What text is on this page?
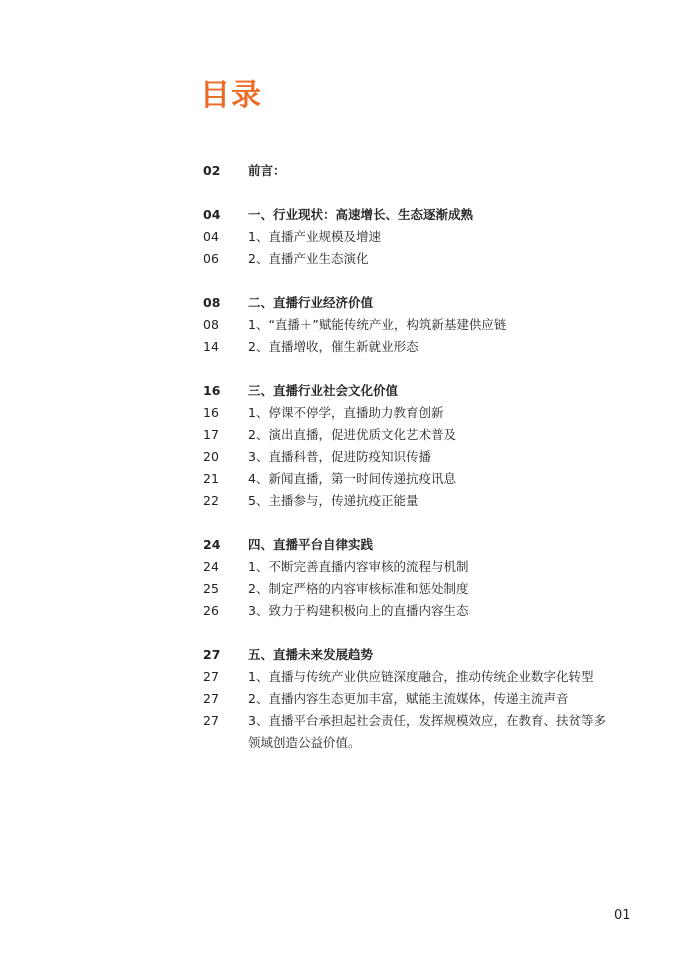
目录
02	前言：
04	一、行业现状：高速增长、生态逐渐成熟
04	1、直播产业规模及增速
06	2、直播产业生态演化
08	二、直播行业经济价值
08	1、“直播＋”赋能传统产业，构筑新基建供应链
14	2、直播增收，催生新就业形态
16	三、直播行业社会文化价值
16	1、停课不停学，直播助力教育创新
17	2、演出直播，促进优质文化艺术普及
20	3、直播科普，促进防疫知识传播
21	4、新闻直播，第一时间传递抗疫讯息
22	5、主播参与，传递抗疫正能量
24	四、直播平台自律实践
24	1、不断完善直播内容审核的流程与机制
25	2、制定严格的内容审核标准和惩处制度
26	3、致力于构建积极向上的直播内容生态
27	五、直播未来发展趋势
27	1、直播与传统产业供应链深度融合，推动传统企业数字化转型
27	2、直播内容生态更加丰富，赋能主流媒体，传递主流声音
27	3、直播平台承担起社会责任，发挥规模效应，在教育、扶贫等多领域创造公益价值。
01
